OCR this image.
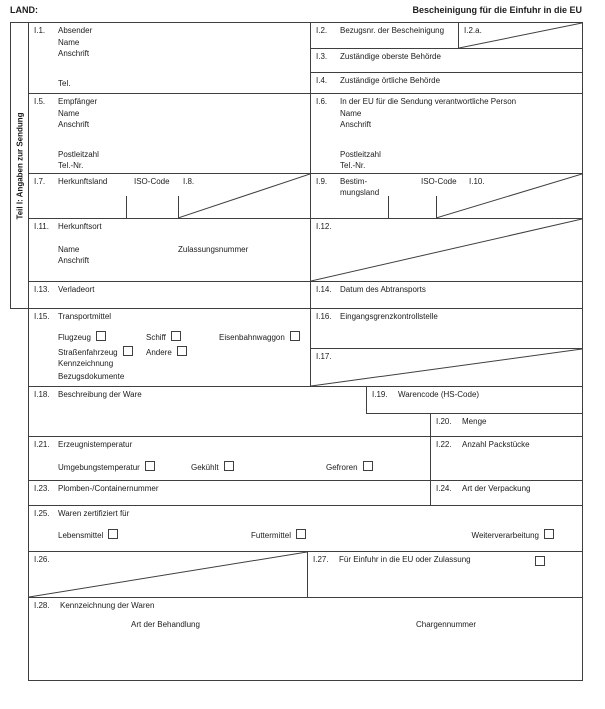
LAND:	Bescheinigung für die Einfuhr in die EU
Teil I: Angaben zur Sendung
I.1. Absender
Name
Anschrift
Tel.
I.2. Bezugsnr. der Bescheinigung	I.2.a.
I.3. Zuständige oberste Behörde
I.4. Zuständige örtliche Behörde
I.5. Empfänger
Name
Anschrift
Postleitzahl
Tel.-Nr.
I.6. In der EU für die Sendung verantwortliche Person
Name
Anschrift
Postleitzahl
Tel.-Nr.
I.7. Herkunftsland	ISO-Code I.8.	I.9. Bestim-
mungsland
ISO-Code I.10.
I.11. Herkunftsort
Name	Zulassungsnummer
Anschrift
I.12.
I.13. Verladeort	I.14. Datum des Abtransports
I.15. Transportmittel
Flugzeug	Schiff	Eisenbahnwaggon
Straßenfahrzeug	Andere
Kennzeichnung
Bezugsdokumente
I.16. Eingangsgrenzkontrollstelle
I.17.
I.18. Beschreibung der Ware	I.19. Warencode (HS-Code)
I.20. Menge
I.21. Erzeugnistemperatur
Umgebungstemperatur	Gekühlt	Gefroren
I.22. Anzahl Packstücke
I.23. Plomben-/Containernummer	I.24. Art der Verpackung
I.25. Waren zertifiziert für
Lebensmittel	Futtermittel	Weiterverarbeitung
I.26.	I.27. Für Einfuhr in die EU oder Zulassung
I.28. Kennzeichnung der Waren
Art der Behandlung	Chargennummer
